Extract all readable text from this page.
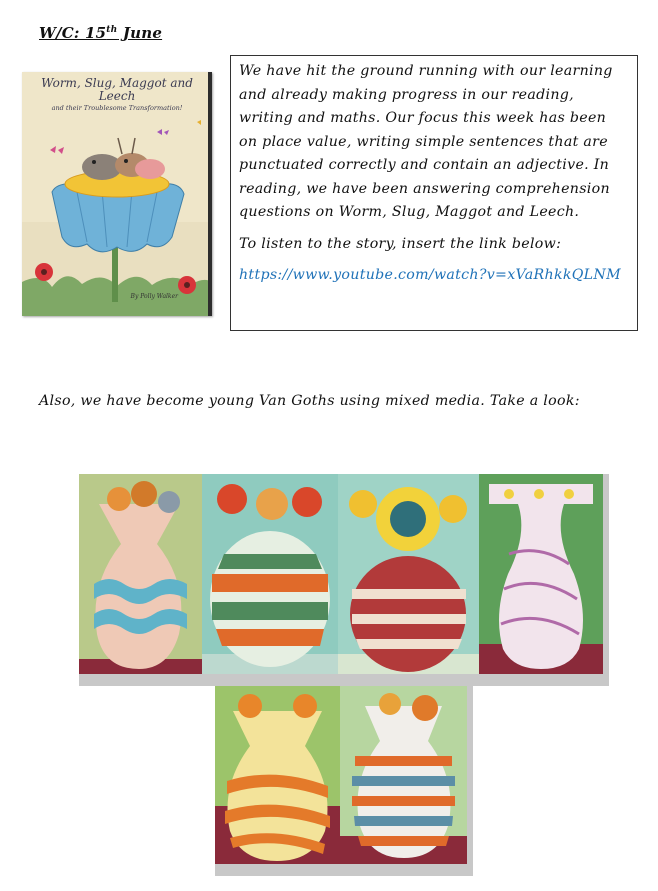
W/C: 15th June
Worm, Slug, Maggot and Leech
and their Troublesome Transformation!
By Polly Walker

We have hit the ground running with our learning and already making progress in our reading, writing and maths. Our focus this week has been on place value, writing simple sentences that are punctuated correctly and contain an adjective. In reading, we have been answering comprehension questions on Worm, Slug, Maggot and Leech.

To listen to the story, insert the link below:

https://www.youtube.com/watch?v=xVaRhkkQLNM

Also, we have become young Van Goths using mixed media. Take a look:
